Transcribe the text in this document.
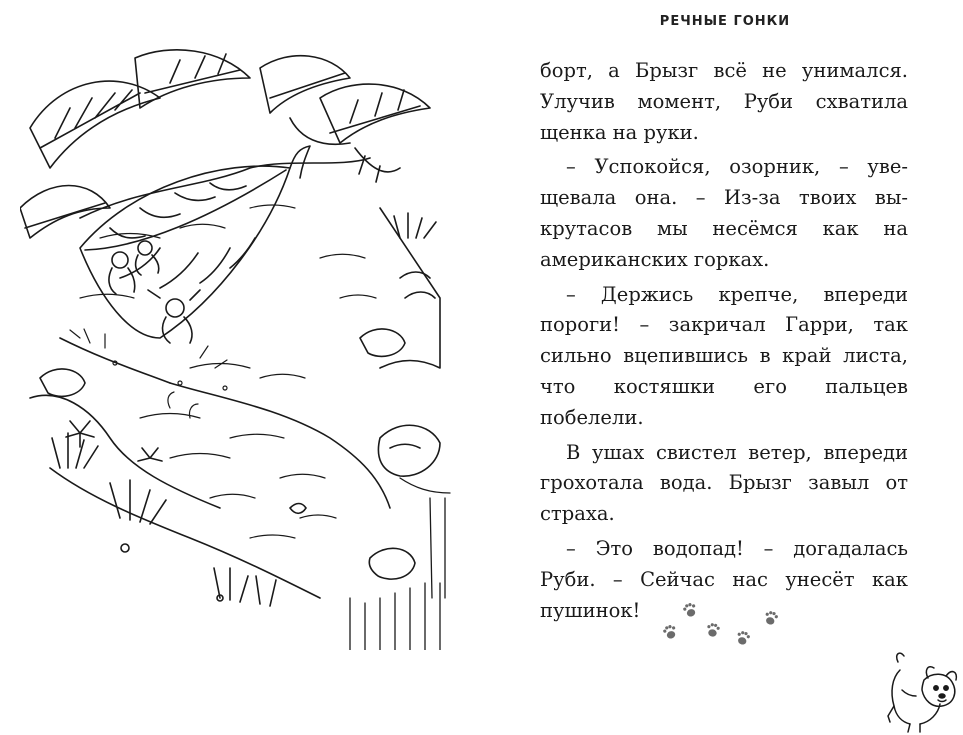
РЕЧНЫЕ ГОНКИ

борт, а Брызг всё не унимался. Улучив момент, Руби схватила щенка на руки.

– Успокойся, озорник, – увещевала она. – Из-за твоих выкрутасов мы несёмся как на американских горках.

– Держись крепче, впереди пороги! – закричал Гарри, так сильно вцепившись в край листа, что костяшки его пальцев побелели.

В ушах свистел ветер, впереди грохотала вода. Брызг завыл от страха.

– Это водопад! – догадалась Руби. – Сейчас нас унесёт как пушинок!
